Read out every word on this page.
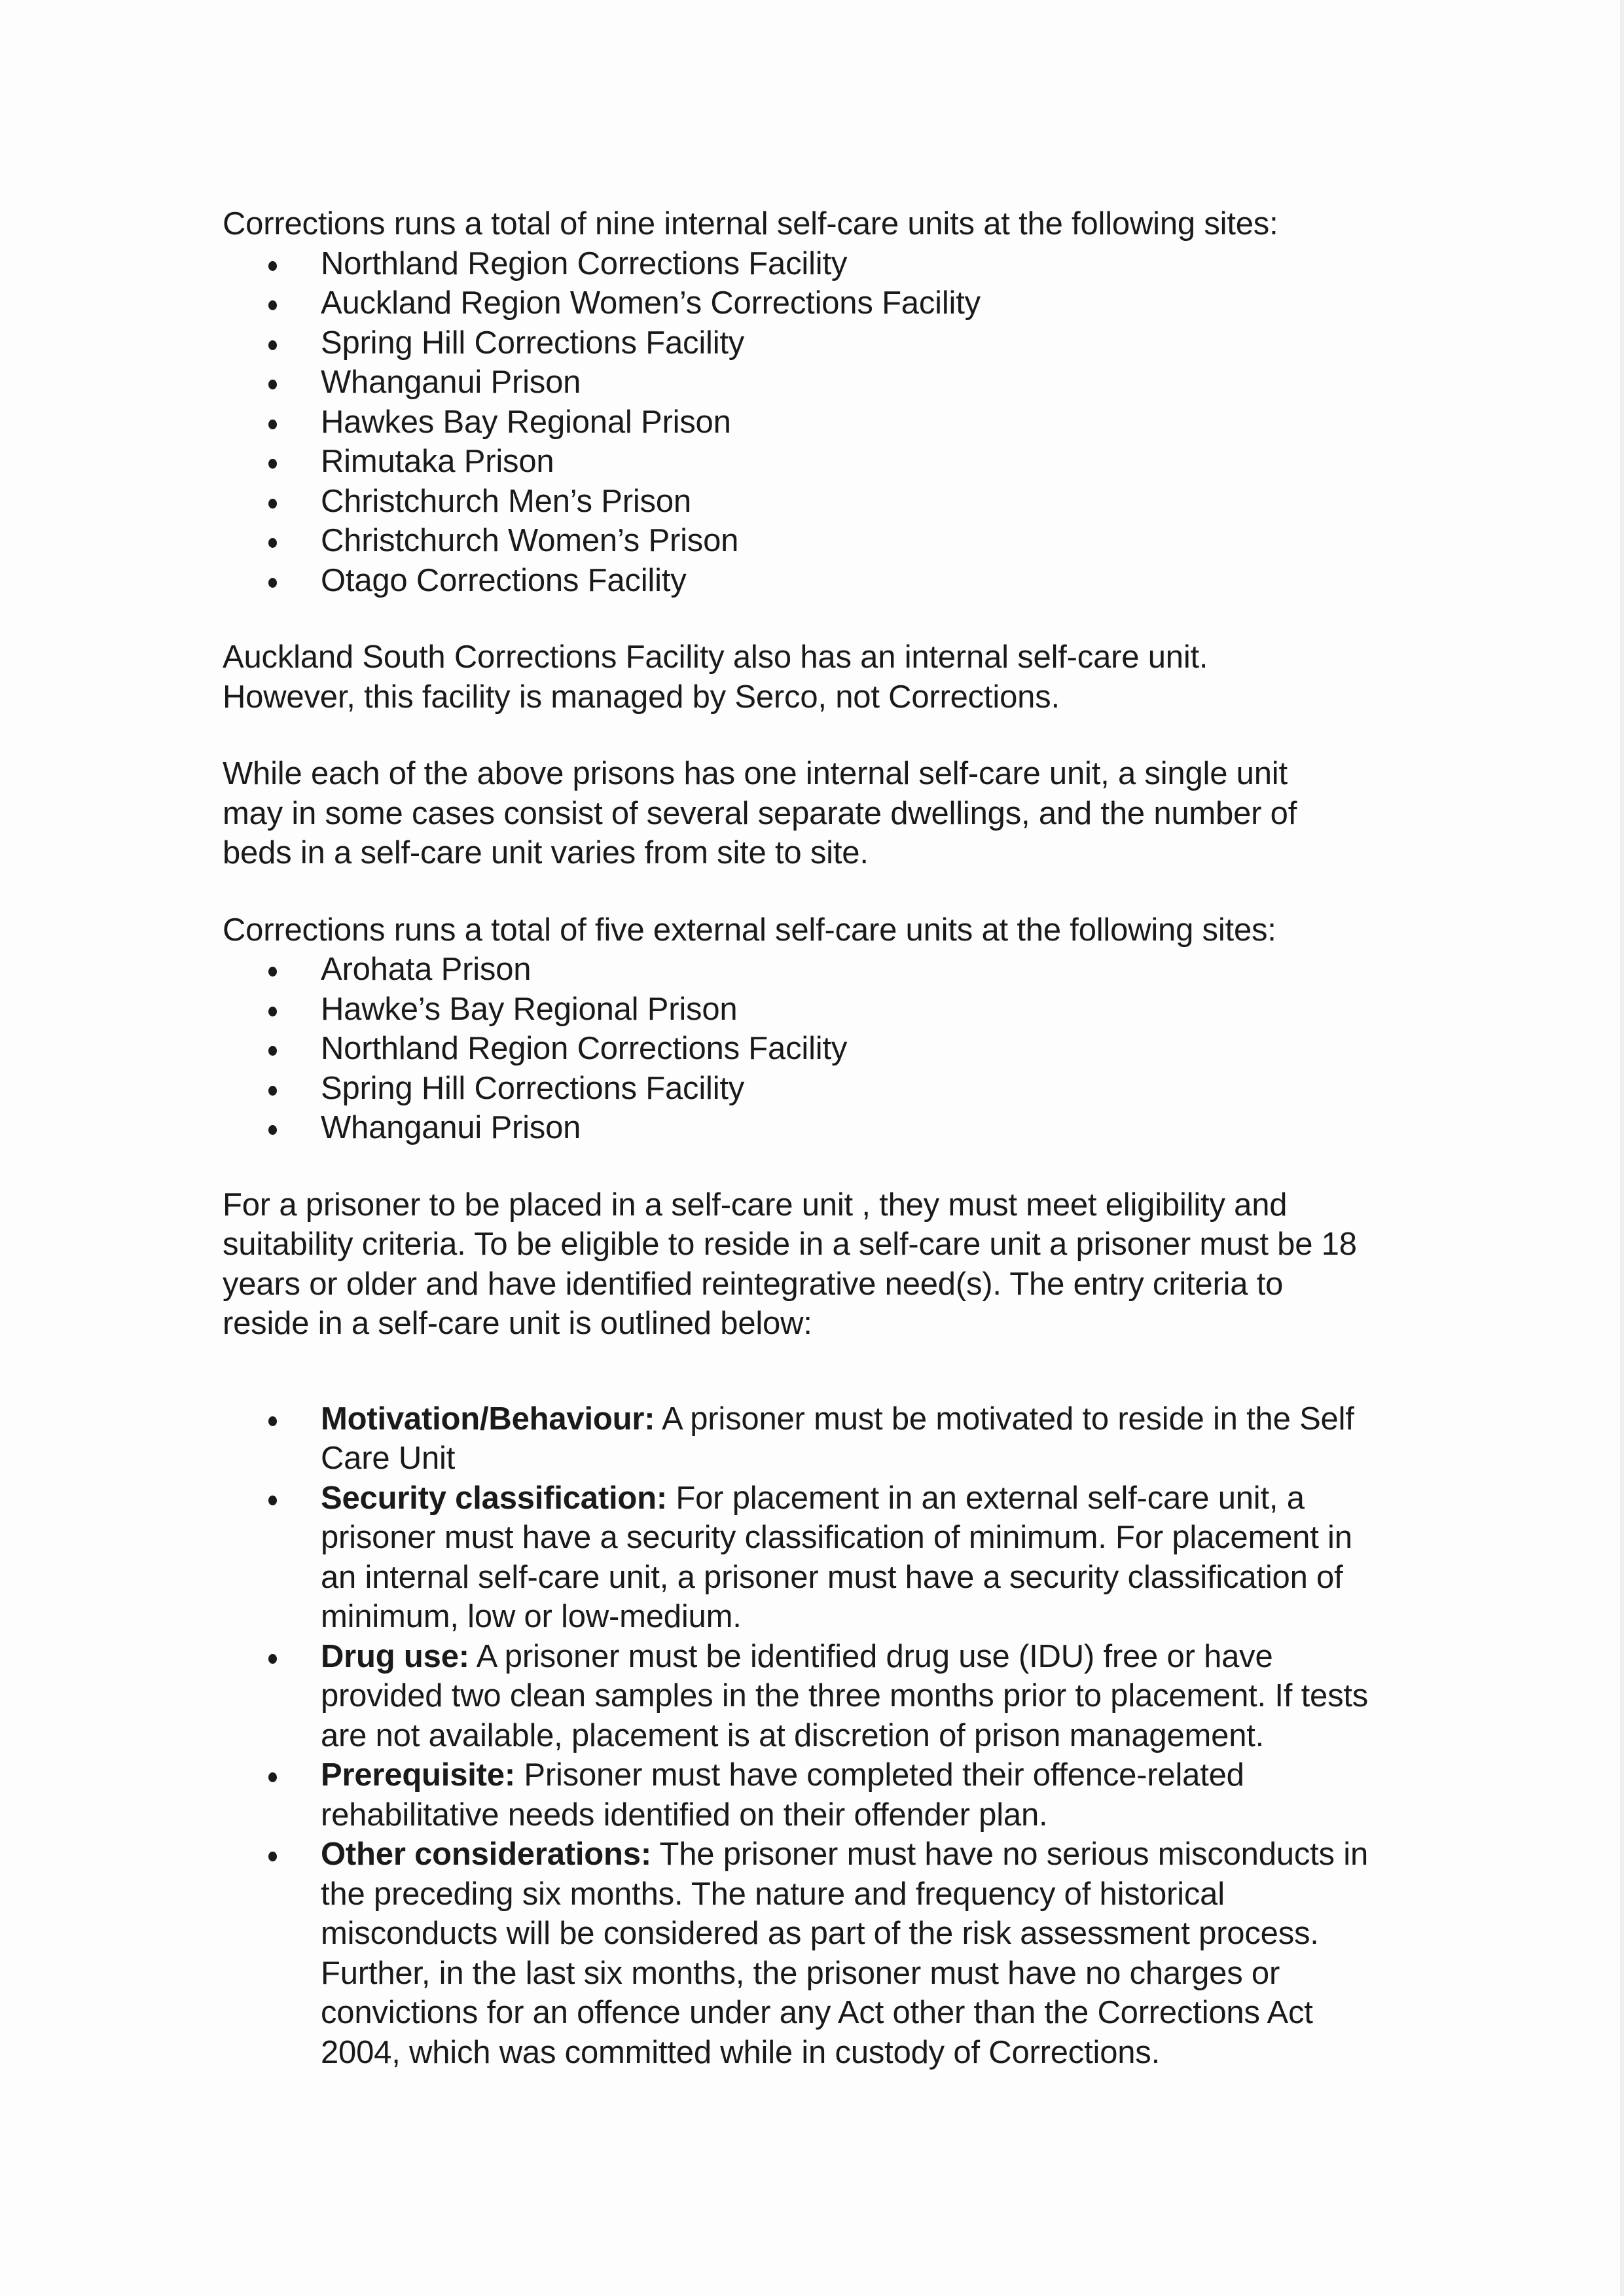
Corrections runs a total of nine internal self-care units at the following sites:

Northland Region Corrections Facility
Auckland Region Women’s Corrections Facility
Spring Hill Corrections Facility
Whanganui Prison
Hawkes Bay Regional Prison
Rimutaka Prison
Christchurch Men’s Prison
Christchurch Women’s Prison
Otago Corrections Facility

Auckland South Corrections Facility also has an internal self-care unit. However, this facility is managed by Serco, not Corrections.

While each of the above prisons has one internal self-care unit, a single unit may in some cases consist of several separate dwellings, and the number of beds in a self-care unit varies from site to site.

Corrections runs a total of five external self-care units at the following sites:

Arohata Prison
Hawke’s Bay Regional Prison
Northland Region Corrections Facility
Spring Hill Corrections Facility
Whanganui Prison

For a prisoner to be placed in a self-care unit , they must meet eligibility and suitability criteria. To be eligible to reside in a self-care unit a prisoner must be 18 years or older and have identified reintegrative need(s). The entry criteria to reside in a self-care unit is outlined below:

Motivation/Behaviour: A prisoner must be motivated to reside in the Self Care Unit
Security classification: For placement in an external self-care unit, a prisoner must have a security classification of minimum. For placement in an internal self-care unit, a prisoner must have a security classification of minimum, low or low-medium.
Drug use: A prisoner must be identified drug use (IDU) free or have provided two clean samples in the three months prior to placement. If tests are not available, placement is at discretion of prison management.
Prerequisite: Prisoner must have completed their offence-related rehabilitative needs identified on their offender plan.
Other considerations: The prisoner must have no serious misconducts in the preceding six months. The nature and frequency of historical misconducts will be considered as part of the risk assessment process. Further, in the last six months, the prisoner must have no charges or convictions for an offence under any Act other than the Corrections Act 2004, which was committed while in custody of Corrections.
